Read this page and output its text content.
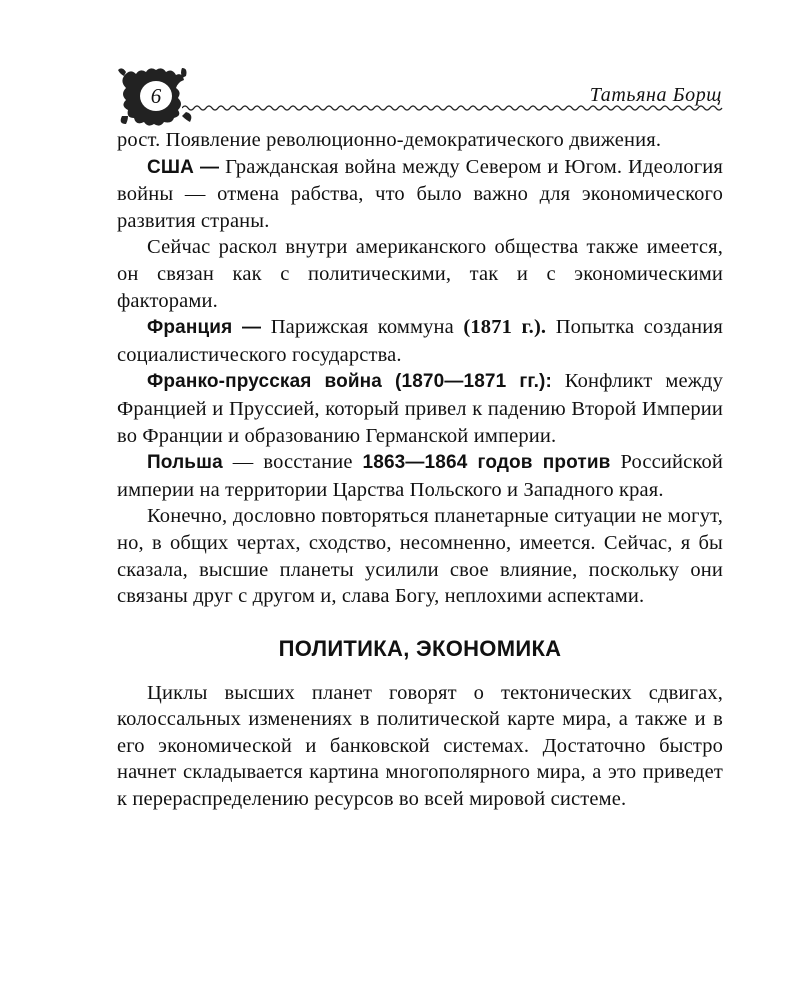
6	Татьяна Борщ

рост. Появление революционно-демократического движения.

США — Гражданская война между Севером и Югом. Идеология войны — отмена рабства, что было важно для экономического развития страны.

Сейчас раскол внутри американского общества также имеется, он связан как с политическими, так и с экономическими факторами.

Франция — Парижская коммуна (1871 г.). Попытка создания социалистического государства.

Франко-прусская война (1870—1871 гг.): Конфликт между Францией и Пруссией, который привел к падению Второй Империи во Франции и образованию Германской империи.

Польша — восстание 1863—1864 годов против Российской империи на территории Царства Польского и Западного края.

Конечно, дословно повторяться планетарные ситуации не могут, но, в общих чертах, сходство, несомненно, имеется. Сейчас, я бы сказала, высшие планеты усилили свое влияние, поскольку они связаны друг с другом и, слава Богу, неплохими аспектами.

ПОЛИТИКА, ЭКОНОМИКА

Циклы высших планет говорят о тектонических сдвигах, колоссальных изменениях в политической карте мира, а также и в его экономической и банковской системах. Достаточно быстро начнет складывается картина многополярного мира, а это приведет к перераспределению ресурсов во всей мировой системе.
